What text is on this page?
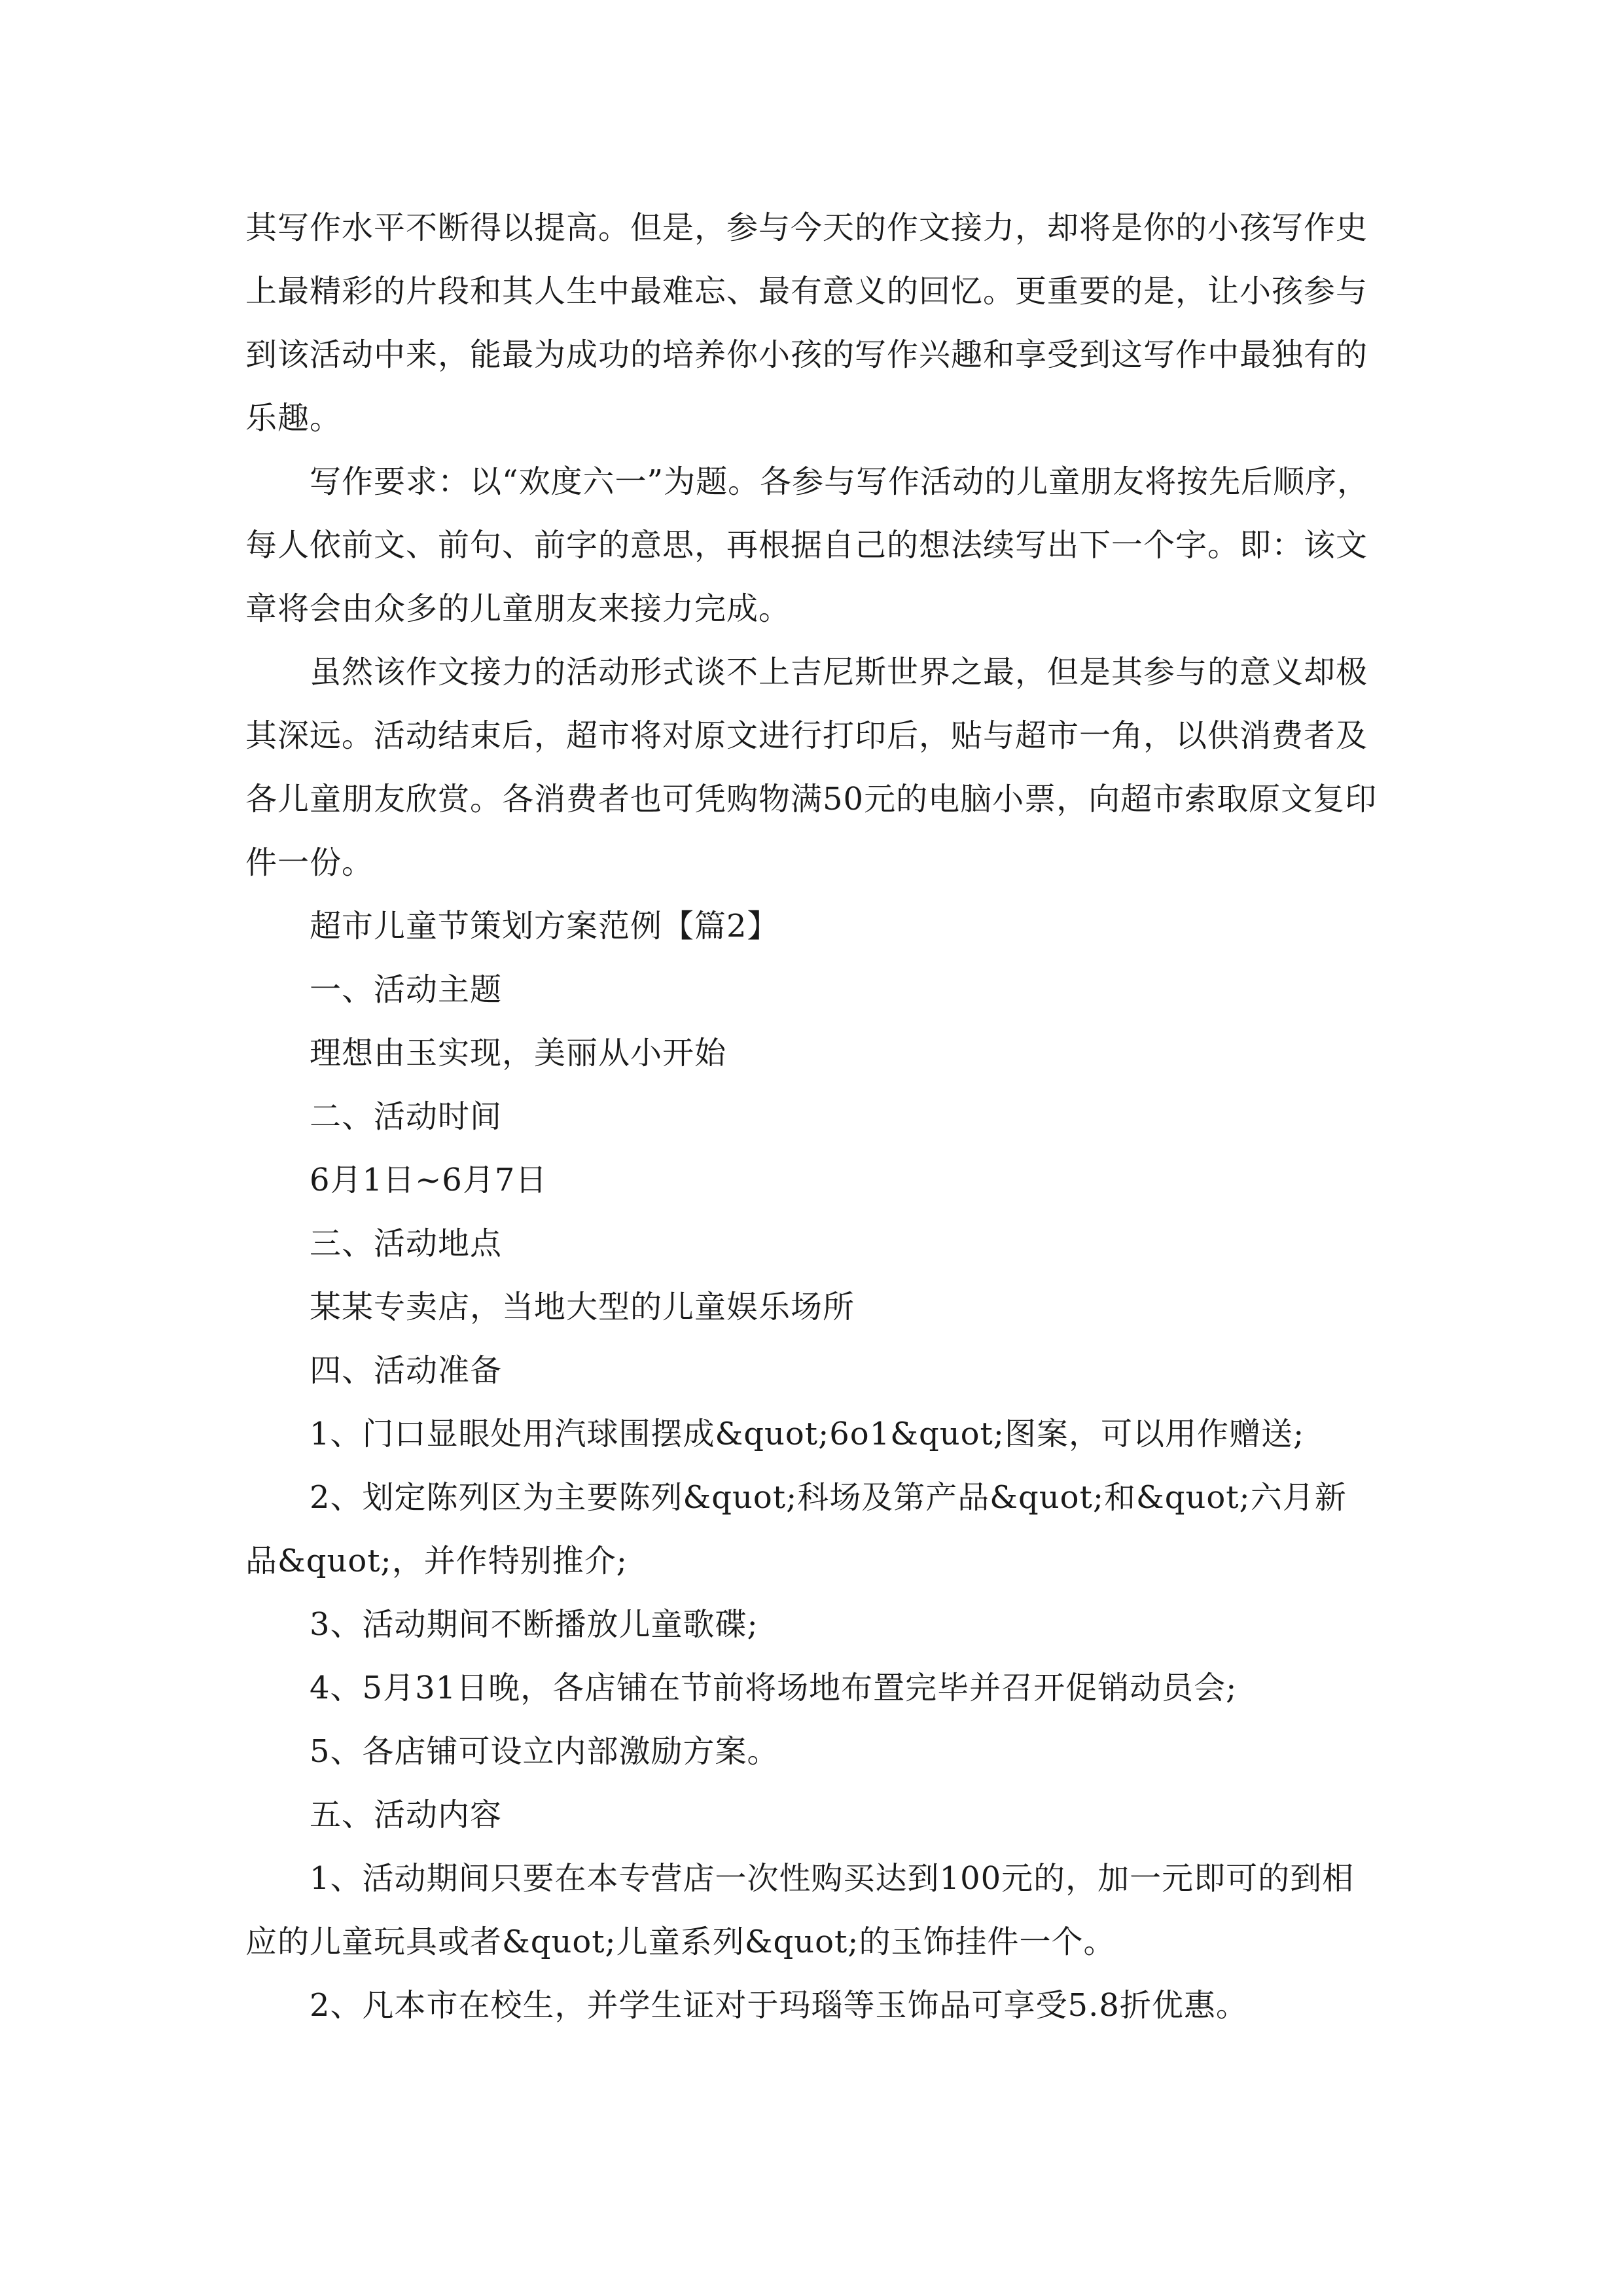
其写作水平不断得以提高。但是，参与今天的作文接力，却将是你的小孩写作史上最精彩的片段和其人生中最难忘、最有意义的回忆。更重要的是，让小孩参与到该活动中来，能最为成功的培养你小孩的写作兴趣和享受到这写作中最独有的乐趣。

写作要求：以“欢度六一”为题。各参与写作活动的儿童朋友将按先后顺序，每人依前文、前句、前字的意思，再根据自己的想法续写出下一个字。即：该文章将会由众多的儿童朋友来接力完成。

虽然该作文接力的活动形式谈不上吉尼斯世界之最，但是其参与的意义却极其深远。活动结束后，超市将对原文进行打印后，贴与超市一角，以供消费者及各儿童朋友欣赏。各消费者也可凭购物满50元的电脑小票，向超市索取原文复印件一份。

超市儿童节策划方案范例【篇2】

一、活动主题

理想由玉实现，美丽从小开始

二、活动时间

6月1日~6月7日

三、活动地点

某某专卖店，当地大型的儿童娱乐场所

四、活动准备

1、门口显眼处用汽球围摆成&quot;6o1&quot;图案，可以用作赠送;

2、划定陈列区为主要陈列&quot;科场及第产品&quot;和&quot;六月新品&quot;，并作特别推介;

3、活动期间不断播放儿童歌碟;

4、5月31日晚，各店铺在节前将场地布置完毕并召开促销动员会;

5、各店铺可设立内部激励方案。

五、活动内容

1、活动期间只要在本专营店一次性购买达到100元的，加一元即可的到相应的儿童玩具或者&quot;儿童系列&quot;的玉饰挂件一个。

2、凡本市在校生，并学生证对于玛瑙等玉饰品可享受5.8折优惠。
